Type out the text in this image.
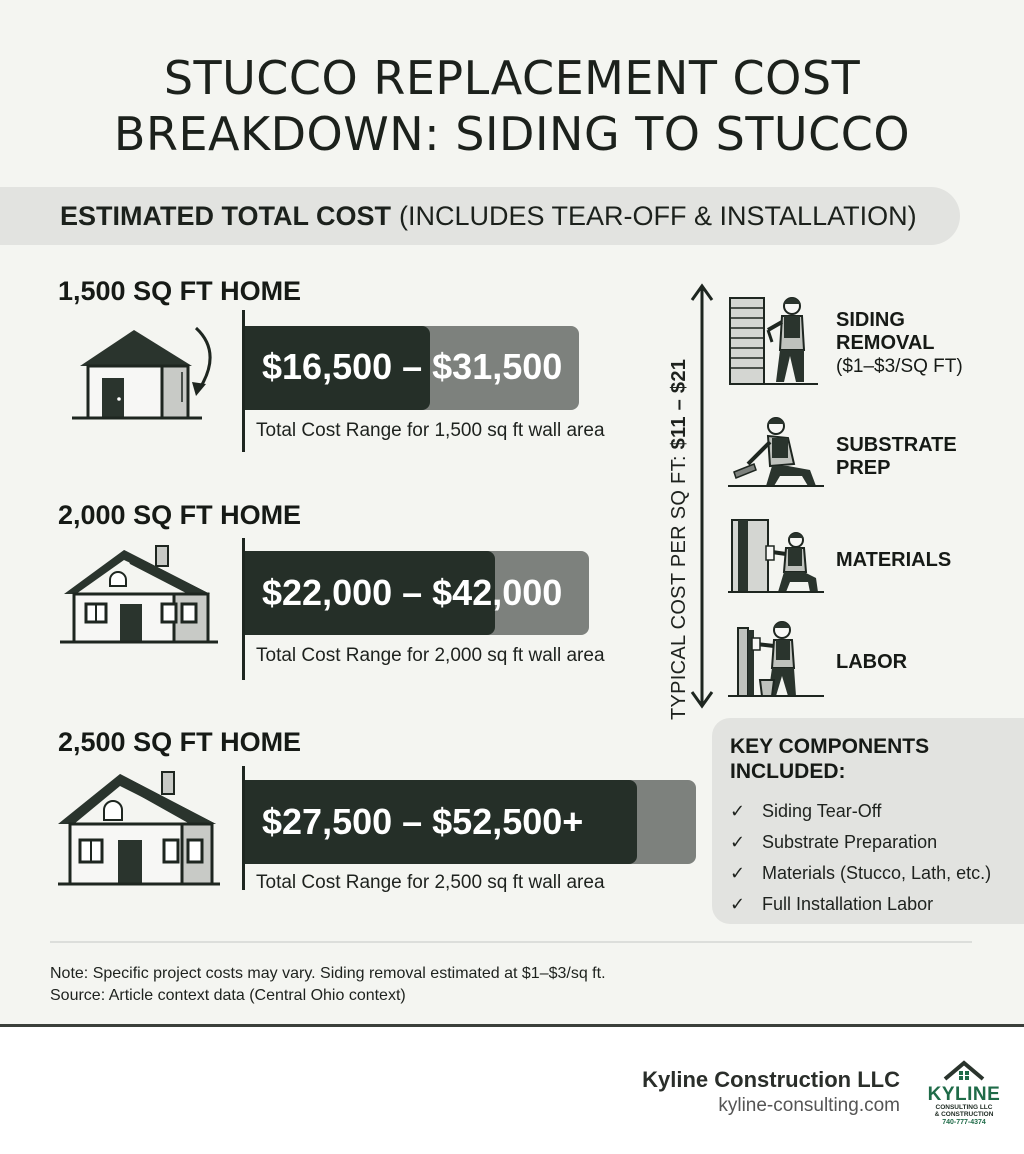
STUCCO REPLACEMENT COST
BREAKDOWN: SIDING TO STUCCO
ESTIMATED TOTAL COST (INCLUDES TEAR-OFF & INSTALLATION)
1,500 SQ FT HOME
$16,500 – $31,500
Total Cost Range for 1,500 sq ft wall area
2,000 SQ FT HOME
$22,000 – $42,000
Total Cost Range for 2,000 sq ft wall area
2,500 SQ FT HOME
$27,500 – $52,500+
Total Cost Range for 2,500 sq ft wall area
TYPICAL COST PER SQ FT: $11 – $21
SIDING
REMOVAL
($1–$3/SQ FT)
SUBSTRATE
PREP
MATERIALS
LABOR
KEY COMPONENTS INCLUDED:
✓ Siding Tear-Off
✓ Substrate Preparation
✓ Materials (Stucco, Lath, etc.)
✓ Full Installation Labor
Note: Specific project costs may vary. Siding removal estimated at $1–$3/sq ft.
Source: Article context data (Central Ohio context)
Kyline Construction LLC
kyline-consulting.com
KYLINE
CONSULTING LLC
& CONSTRUCTION
740-777-4374
